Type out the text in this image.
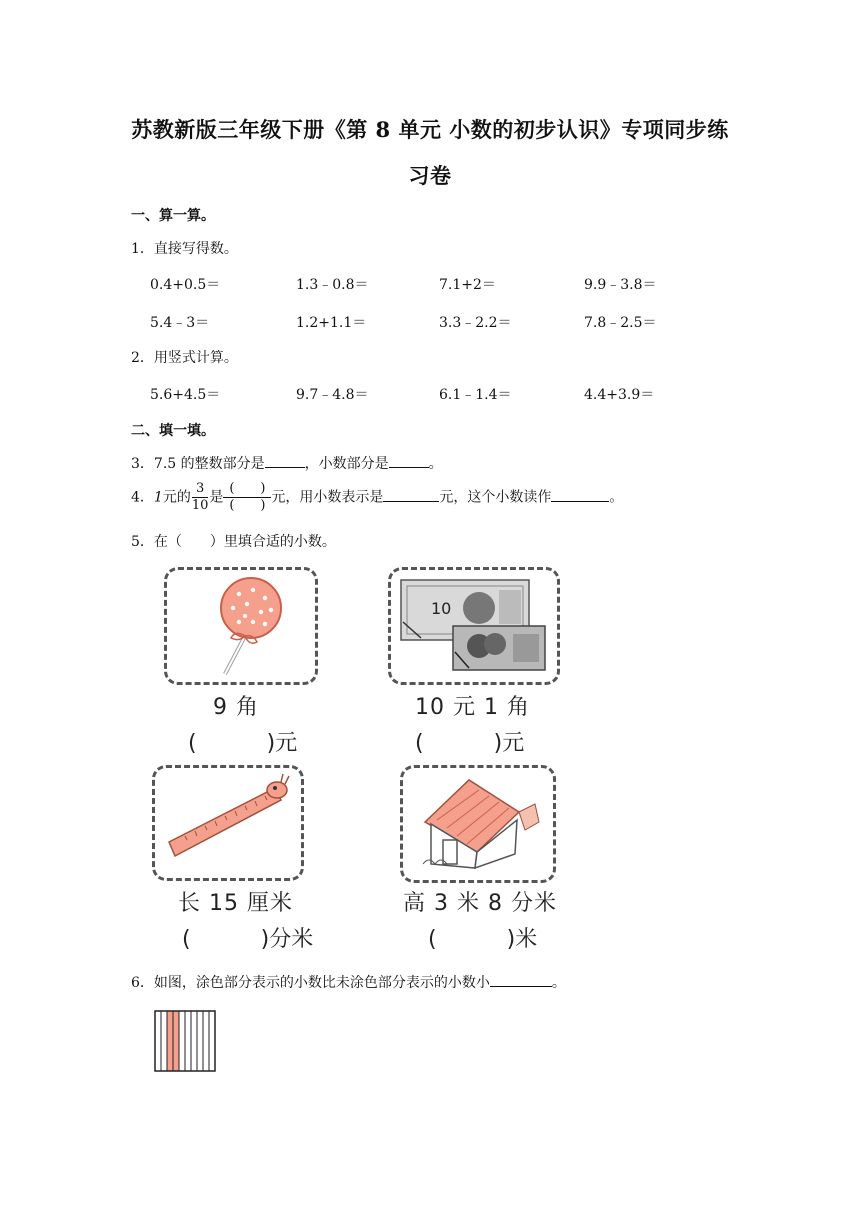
苏教新版三年级下册《第 8 单元 小数的初步认识》专项同步练
习卷
一、算一算。
1．直接写得数。
0.4+0.5＝	1.3﹣0.8＝	7.1+2＝	9.9﹣3.8＝
5.4﹣3＝	1.2+1.1＝	3.3﹣2.2＝	7.8﹣2.5＝
2．用竖式计算。
5.6+4.5＝	9.7﹣4.8＝	6.1﹣1.4＝	4.4+3.9＝
二、填一填。
3．7.5 的整数部分是	，小数部分是	。
4．1元的 $\frac{3}{10}$ 是
(　　)
(　　) 元，用小数表示是	元，这个小数读作	。
5．在（　　）里填合适的小数。
9 角
(	)元
10
10 元 1 角
(	)元
长 15 厘米
(	)分米
高 3 米 8 分米
(	)米
6．如图，涂色部分表示的小数比未涂色部分表示的小数小	。
